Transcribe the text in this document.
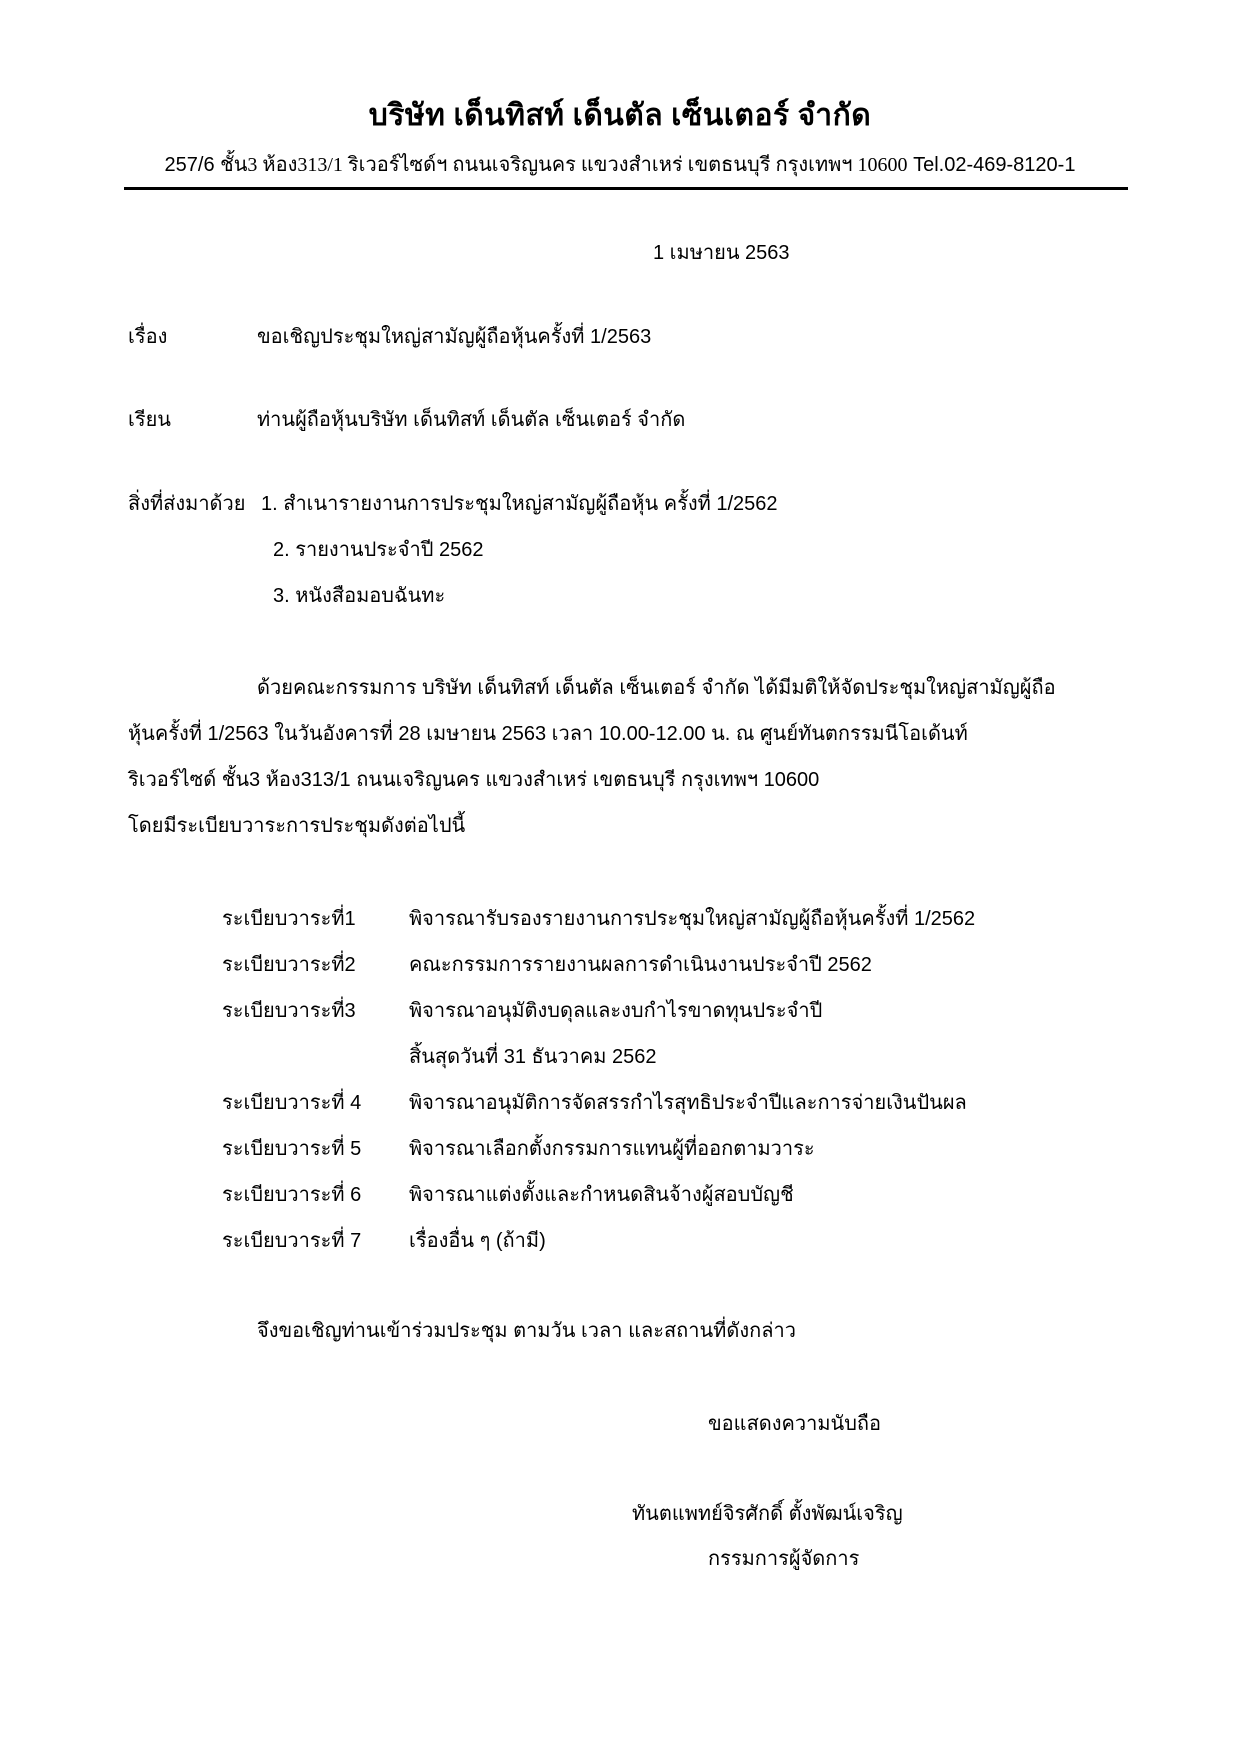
บริษัท เด็นทิสท์ เด็นตัล เซ็นเตอร์ จำกัด
257/6 ชั้น3 ห้อง313/1 ริเวอร์ไซด์ฯ ถนนเจริญนคร แขวงสำเหร่ เขตธนบุรี กรุงเทพฯ 10600 Tel.02-469-8120-1
1 เมษายน 2563
เรื่อง	ขอเชิญประชุมใหญ่สามัญผู้ถือหุ้นครั้งที่ 1/2563
เรียน	ท่านผู้ถือหุ้นบริษัท เด็นทิสท์ เด็นตัล เซ็นเตอร์ จำกัด
สิ่งที่ส่งมาด้วย 1. สำเนารายงานการประชุมใหญ่สามัญผู้ถือหุ้น ครั้งที่ 1/2562
2. รายงานประจำปี 2562
3. หนังสือมอบฉันทะ
ด้วยคณะกรรมการ บริษัท เด็นทิสท์ เด็นตัล เซ็นเตอร์ จำกัด ได้มีมติให้จัดประชุมใหญ่สามัญผู้ถือ
หุ้นครั้งที่ 1/2563 ในวันอังคารที่ 28 เมษายน 2563 เวลา 10.00-12.00 น. ณ ศูนย์ทันตกรรมนีโอเด้นท์
ริเวอร์ไซด์ ชั้น3 ห้อง313/1 ถนนเจริญนคร แขวงสำเหร่ เขตธนบุรี กรุงเทพฯ 10600
โดยมีระเบียบวาระการประชุมดังต่อไปนี้
ระเบียบวาระที่1	พิจารณารับรองรายงานการประชุมใหญ่สามัญผู้ถือหุ้นครั้งที่ 1/2562
ระเบียบวาระที่2	คณะกรรมการรายงานผลการดำเนินงานประจำปี 2562
ระเบียบวาระที่3	พิจารณาอนุมัติงบดุลและงบกำไรขาดทุนประจำปี
สิ้นสุดวันที่ 31 ธันวาคม 2562
ระเบียบวาระที่ 4 พิจารณาอนุมัติการจัดสรรกำไรสุทธิประจำปีและการจ่ายเงินปันผล
ระเบียบวาระที่ 5 พิจารณาเลือกตั้งกรรมการแทนผู้ที่ออกตามวาระ
ระเบียบวาระที่ 6 พิจารณาแต่งตั้งและกำหนดสินจ้างผู้สอบบัญชี
ระเบียบวาระที่ 7 เรื่องอื่น ๆ (ถ้ามี)
จึงขอเชิญท่านเข้าร่วมประชุม ตามวัน เวลา และสถานที่ดังกล่าว
ขอแสดงความนับถือ
ทันตแพทย์จิรศักดิ์ ตั้งพัฒน์เจริญ
กรรมการผู้จัดการ
